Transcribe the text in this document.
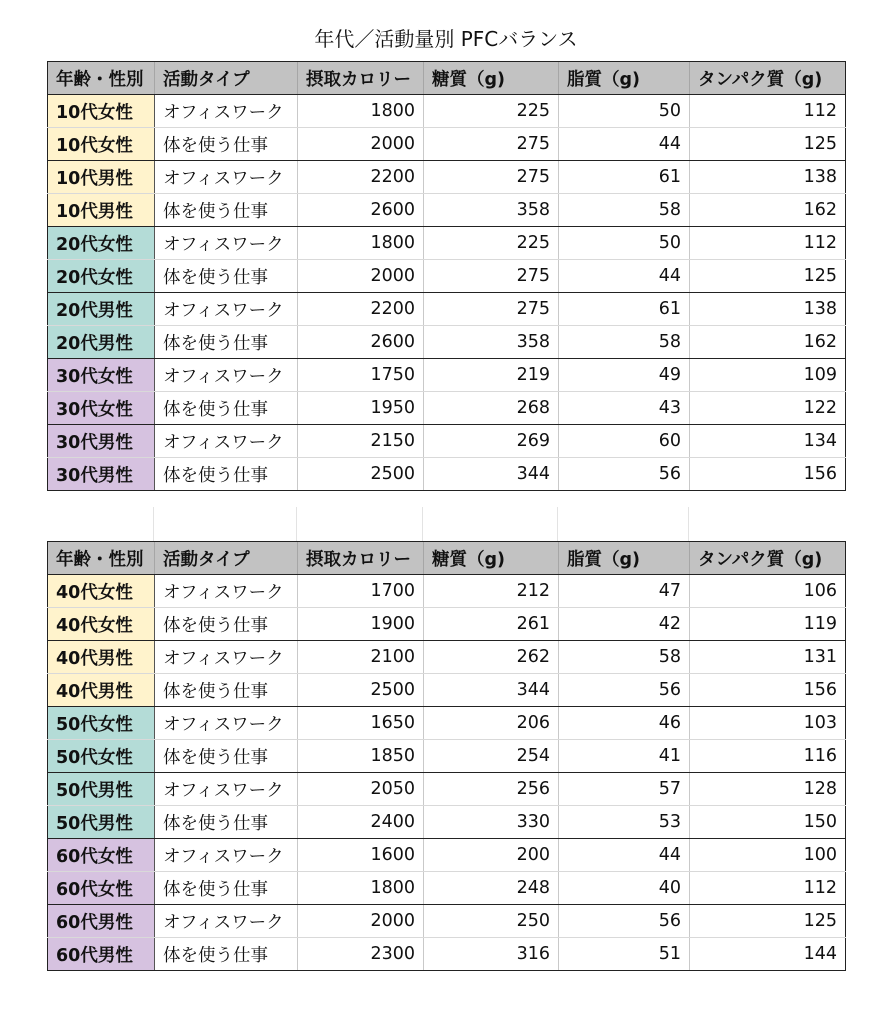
年代／活動量別 PFCバランス
年齢・性別	活動タイプ	摂取カロリー	糖質（g)	脂質（g)	タンパク質（g)
10代女性	オフィスワーク	1800	225	50	112
10代女性	体を使う仕事	2000	275	44	125
10代男性	オフィスワーク	2200	275	61	138
10代男性	体を使う仕事	2600	358	58	162
20代女性	オフィスワーク	1800	225	50	112
20代女性	体を使う仕事	2000	275	44	125
20代男性	オフィスワーク	2200	275	61	138
20代男性	体を使う仕事	2600	358	58	162
30代女性	オフィスワーク	1750	219	49	109
30代女性	体を使う仕事	1950	268	43	122
30代男性	オフィスワーク	2150	269	60	134
30代男性	体を使う仕事	2500	344	56	156
年齢・性別	活動タイプ	摂取カロリー	糖質（g)	脂質（g)	タンパク質（g)
40代女性	オフィスワーク	1700	212	47	106
40代女性	体を使う仕事	1900	261	42	119
40代男性	オフィスワーク	2100	262	58	131
40代男性	体を使う仕事	2500	344	56	156
50代女性	オフィスワーク	1650	206	46	103
50代女性	体を使う仕事	1850	254	41	116
50代男性	オフィスワーク	2050	256	57	128
50代男性	体を使う仕事	2400	330	53	150
60代女性	オフィスワーク	1600	200	44	100
60代女性	体を使う仕事	1800	248	40	112
60代男性	オフィスワーク	2000	250	56	125
60代男性	体を使う仕事	2300	316	51	144
